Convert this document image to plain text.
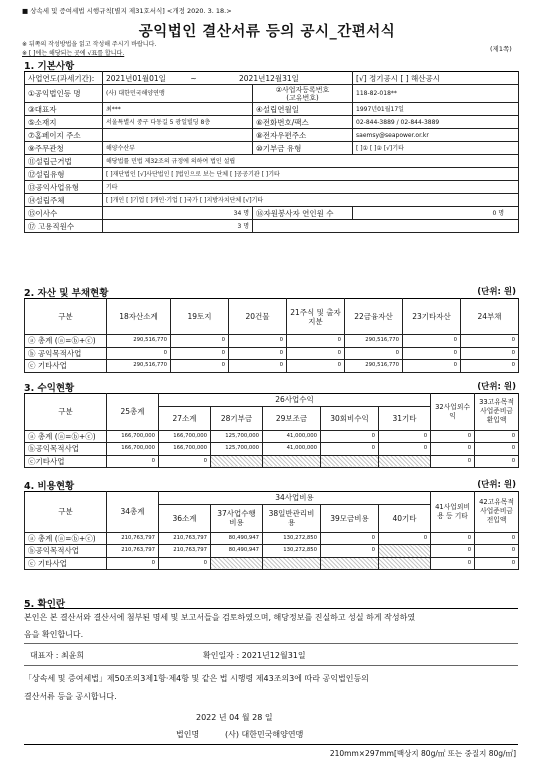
■ 상속세 및 증여세법 시행규칙[별지 제31호서식] <개정 2020. 3. 18.>
공익법인 결산서류 등의 공시_간편서식
※ 뒤쪽의 작성방법을 읽고 작성해 주시기 바랍니다.
※ [ ]에는 해당되는 곳에 √표를 합니다.
(제1쪽)
1. 기본사항
사업연도(과세기간):	2021년01월01일 ~ 2021년12월31일		[√] 정기공시 [ ] 해산공시
①공익법인등 명	(사) 대한민국해양연맹	②사업자등록번호
(고유번호)	118-82-018**
③대표자	최***	④설립연월일	1997년01월17일
⑤소재지	서울특별시 중구 다동길 5 광일빌딩 8층	⑥전화번호/팩스	02-844-3889 / 02-844-3889
⑦홈페이지 주소		⑧전자우편주소	saemsy@seapower.or.kr
⑨주무관청	해양수산부	⑩기부금 유형	[ ]① [ ]② [√]기타
⑪설립근거법	해당법률 민법 제32조의 규정에 의하여 법인 설립		
⑫설립유형	[ ]재단법인 [√]사단법인 [ ]법인으로 보는 단체 [ ]공공기관 [ ]기타		
⑬공익사업유형	기타		
⑭설립주체	[ ]개인 [ ]기업 [ ]개인·기업 [ ]국가 [ ]지방자치단체 [√]기타		
⑮이사수	34 명	⑯자원봉사자 연인원 수	0 명
⑰ 고용직원수	3 명		
2. 자산 및 부채현황	(단위: 원)
구분	18자산소계	19토지	20건물	21주식 및 출자지분	22금융자산	23기타자산	24부채
ⓐ 총계 (ⓐ=ⓑ+ⓒ)	290,516,770	0	0	0	290,516,770	0	0
ⓑ 공익목적사업	0	0	0	0	0	0	0
ⓒ 기타사업	290,516,770	0	0	0	290,516,770	0	0
3. 수익현황	(단위: 원)
구분	25총계	26사업수익					32사업외수익	33고유목적사업준비금 환입액
		27소계	28기부금	29보조금	30회비수익	31기타		
ⓐ 총계 (ⓐ=ⓑ+ⓒ)	166,700,000	166,700,000	125,700,000	41,000,000	0	0	0	0
ⓑ공익목적사업	166,700,000	166,700,000	125,700,000	41,000,000	0	0	0	0
ⓒ기타사업	0	0					0	0
4. 비용현황	(단위: 원)
구분	34총계	34사업비용					41사업외비용 등 기타	42고유목적사업준비금 전입액
		36소계	37사업수행비용	38일반관리비용	39모금비용	40기타		
ⓐ 총계 (ⓐ=ⓑ+ⓒ)	210,763,797	210,763,797	80,490,947	130,272,850	0	0	0	0
ⓑ공익목적사업	210,763,797	210,763,797	80,490,947	130,272,850	0		0	0
ⓒ 기타사업	0	0					0	0
5. 확인란
본인은 본 결산서와 결산서에 첨부된 명세 및 보고서들을 검토하였으며, 해당정보를 진실하고 성실 하게 작성하였
음을 확인합니다.
대표자 : 최윤희	확인일자 : 2021년12월31일
「상속세 및 증여세법」제50조의3제1항·제4항 및 같은 법 시행령 제43조의3에 따라 공익법인등의
결산서류 등을 공시합니다.
2022 년 04 월 28 일
법인명	(사) 대한민국해양연맹
210mm×297mm[백상지 80g/㎡ 또는 중질지 80g/㎡]
